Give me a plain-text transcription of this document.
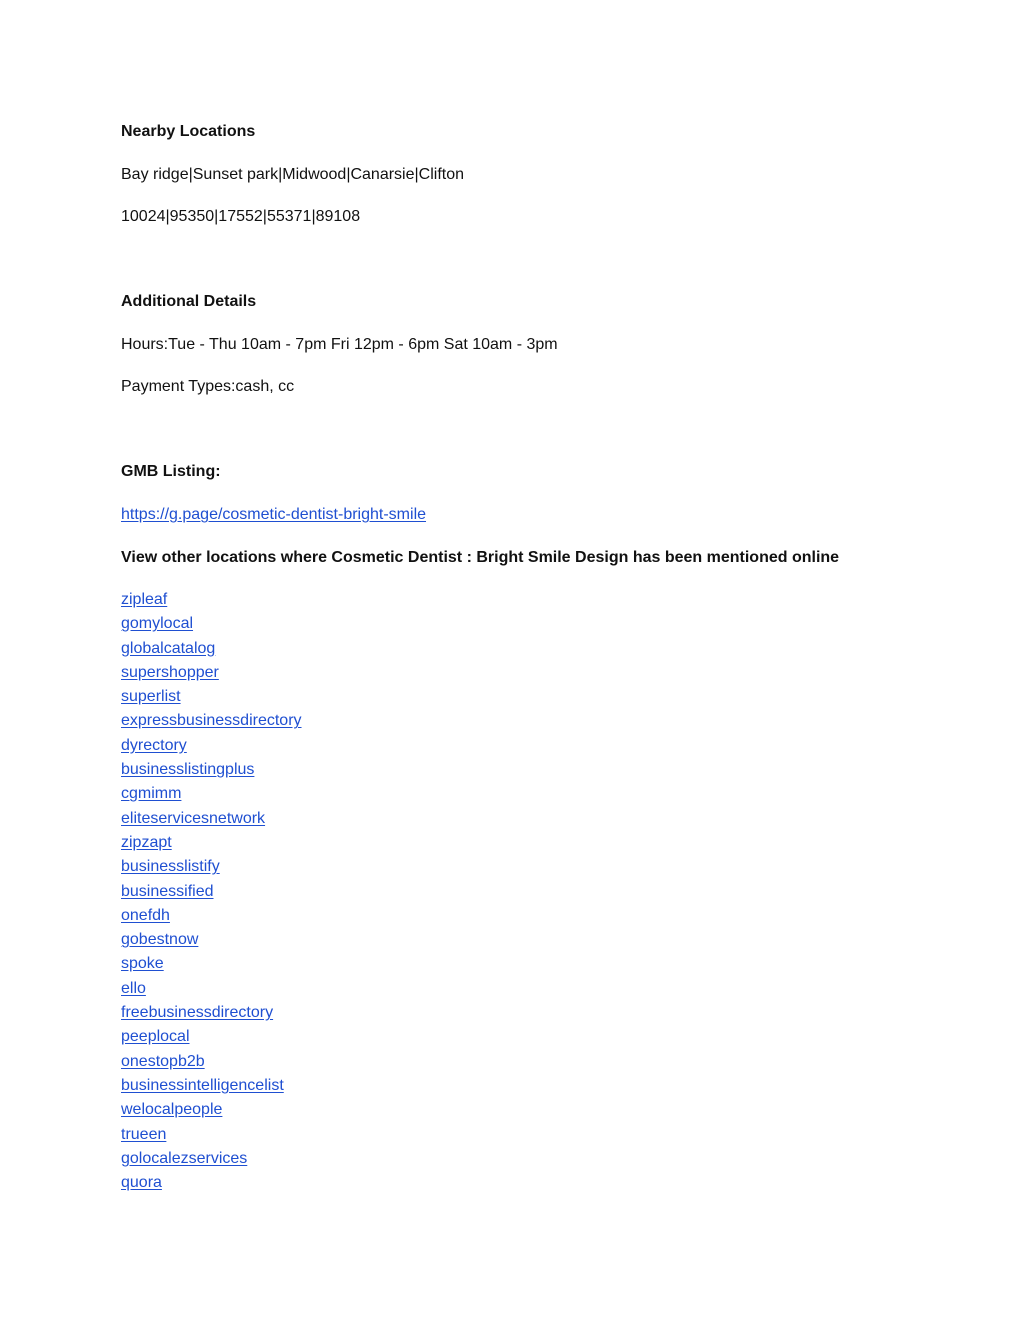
Nearby Locations
Bay ridge|Sunset park|Midwood|Canarsie|Clifton
10024|95350|17552|55371|89108
Additional Details
Hours:Tue - Thu 10am - 7pm Fri 12pm - 6pm Sat 10am - 3pm
Payment Types:cash, cc
GMB Listing:
https://g.page/cosmetic-dentist-bright-smile
View other locations where Cosmetic Dentist : Bright Smile Design has been mentioned online
zipleaf
gomylocal
globalcatalog
supershopper
superlist
expressbusinessdirectory
dyrectory
businesslistingplus
cgmimm
eliteservicesnetwork
zipzapt
businesslistify
businessified
onefdh
gobestnow
spoke
ello
freebusinessdirectory
peeplocal
onestopb2b
businessintelligencelist
welocalpeople
trueen
golocalezservices
quora
